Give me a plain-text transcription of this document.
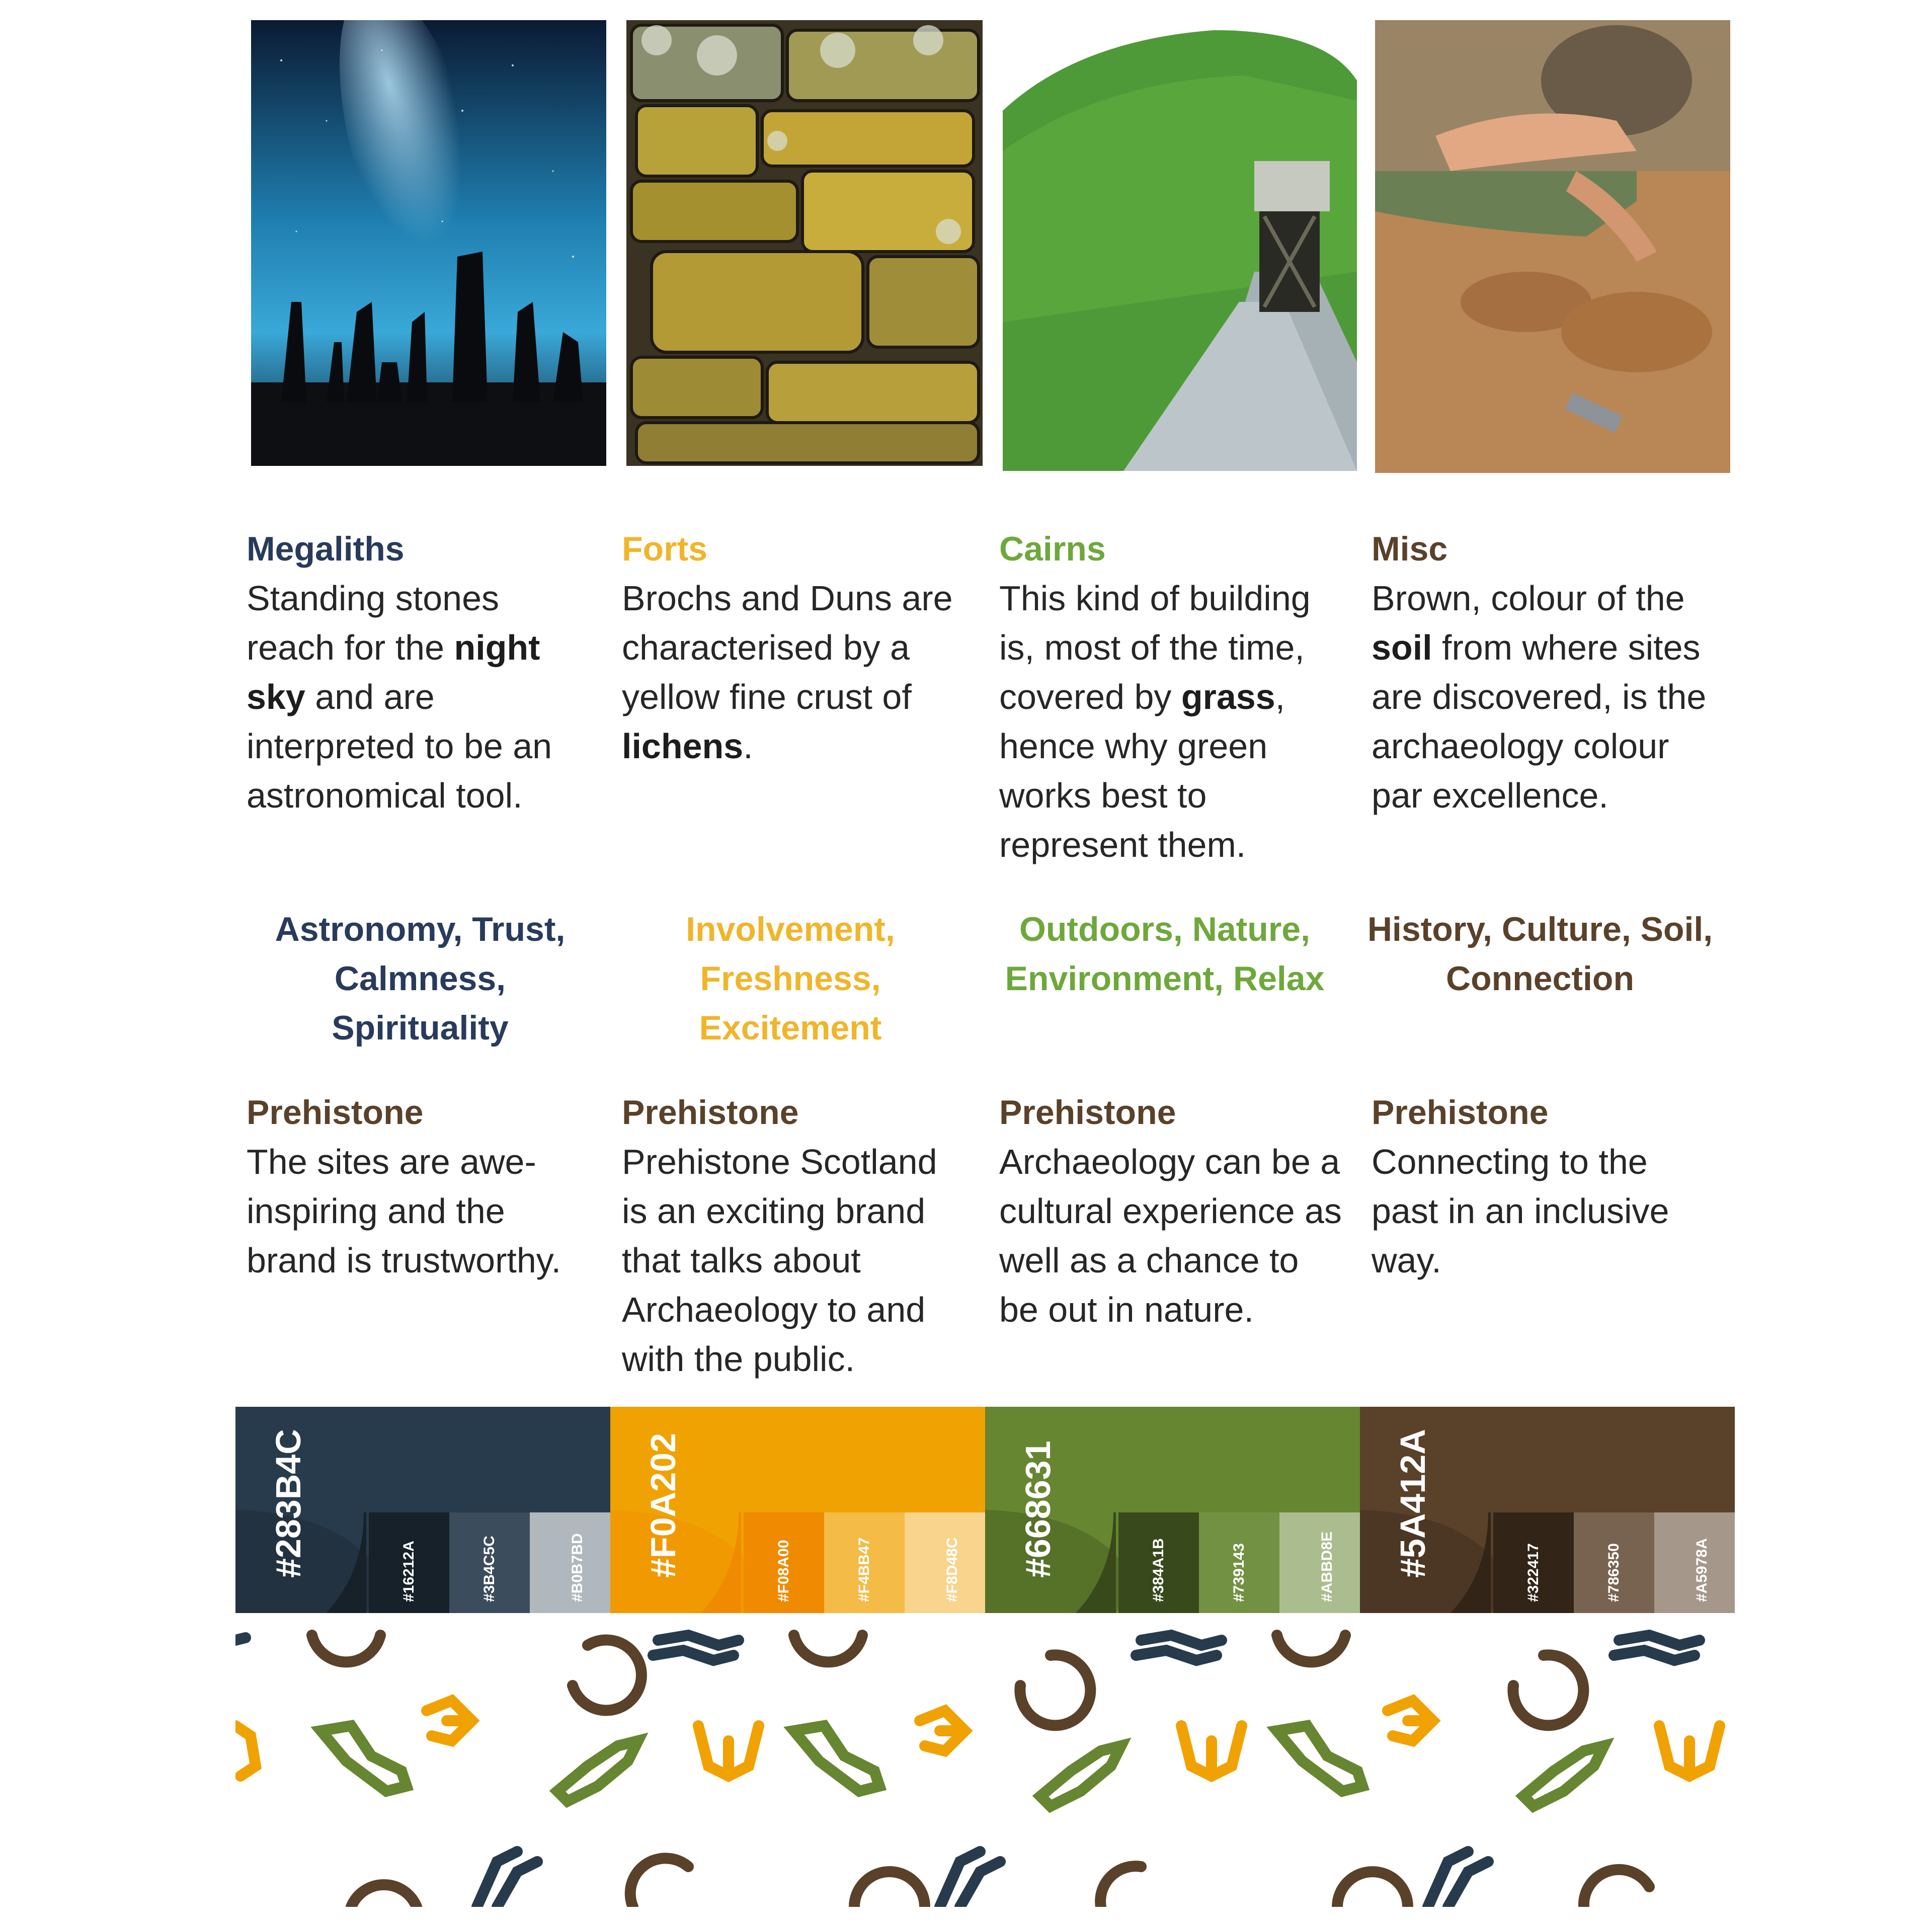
Megaliths

Standing stones reach for the night sky and are interpreted to be an astronomical tool.

Forts

Brochs and Duns are characterised by a yellow fine crust of lichens.

Cairns

This kind of building is, most of the time, covered by grass, hence why green works best to represent them.

Misc

Brown, colour of the soil from where sites are discovered, is the archaeology colour par excellence.

Astronomy, Trust,
Calmness,
Spirituality

Involvement,
Freshness,
Excitement

Outdoors, Nature,
Environment, Relax

History, Culture, Soil,
Connection

Prehistone

The sites are awe-inspiring and the brand is trustworthy.

Prehistone

Prehistone Scotland is an exciting brand that talks about Archaeology to and with the public.

Prehistone

Archaeology can be a cultural experience as well as a chance to be out in nature.

Prehistone

Connecting to the past in an inclusive way.

#283B4C	#16212A	#3B4C5C	#B0B7BD #F0A202	#F08A00	#F4BB47	#F8D48C #668631	#384A1B	#739143	#ABBD8E #5A412A	#322417	#786350	#A5978A
